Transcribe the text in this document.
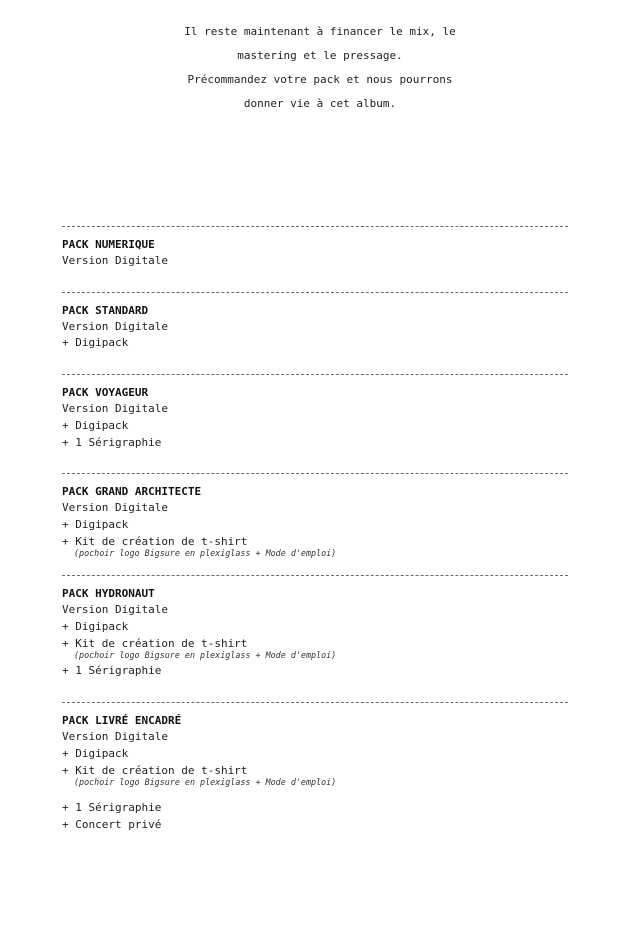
Il reste maintenant à financer le mix, le
mastering et le pressage.
Précommandez votre pack et nous pourrons
donner vie à cet album.
PACK NUMERIQUE
Version Digitale
PACK STANDARD
Version Digitale
+ Digipack
PACK VOYAGEUR
Version Digitale
+ Digipack
+ 1 Sérigraphie
PACK GRAND ARCHITECTE
Version Digitale
+ Digipack
+ Kit de création de t-shirt
(pochoir logo Bigsure en plexiglass + Mode d'emploi)
PACK HYDRONAUT
Version Digitale
+ Digipack
+ Kit de création de t-shirt
(pochoir logo Bigsure en plexiglass + Mode d'emploi)
+ 1 Sérigraphie
PACK LIVRÉ ENCADRÉ
Version Digitale
+ Digipack
+ Kit de création de t-shirt
(pochoir logo Bigsure en plexiglass + Mode d'emploi)
+ 1 Sérigraphie
+ Concert privé
